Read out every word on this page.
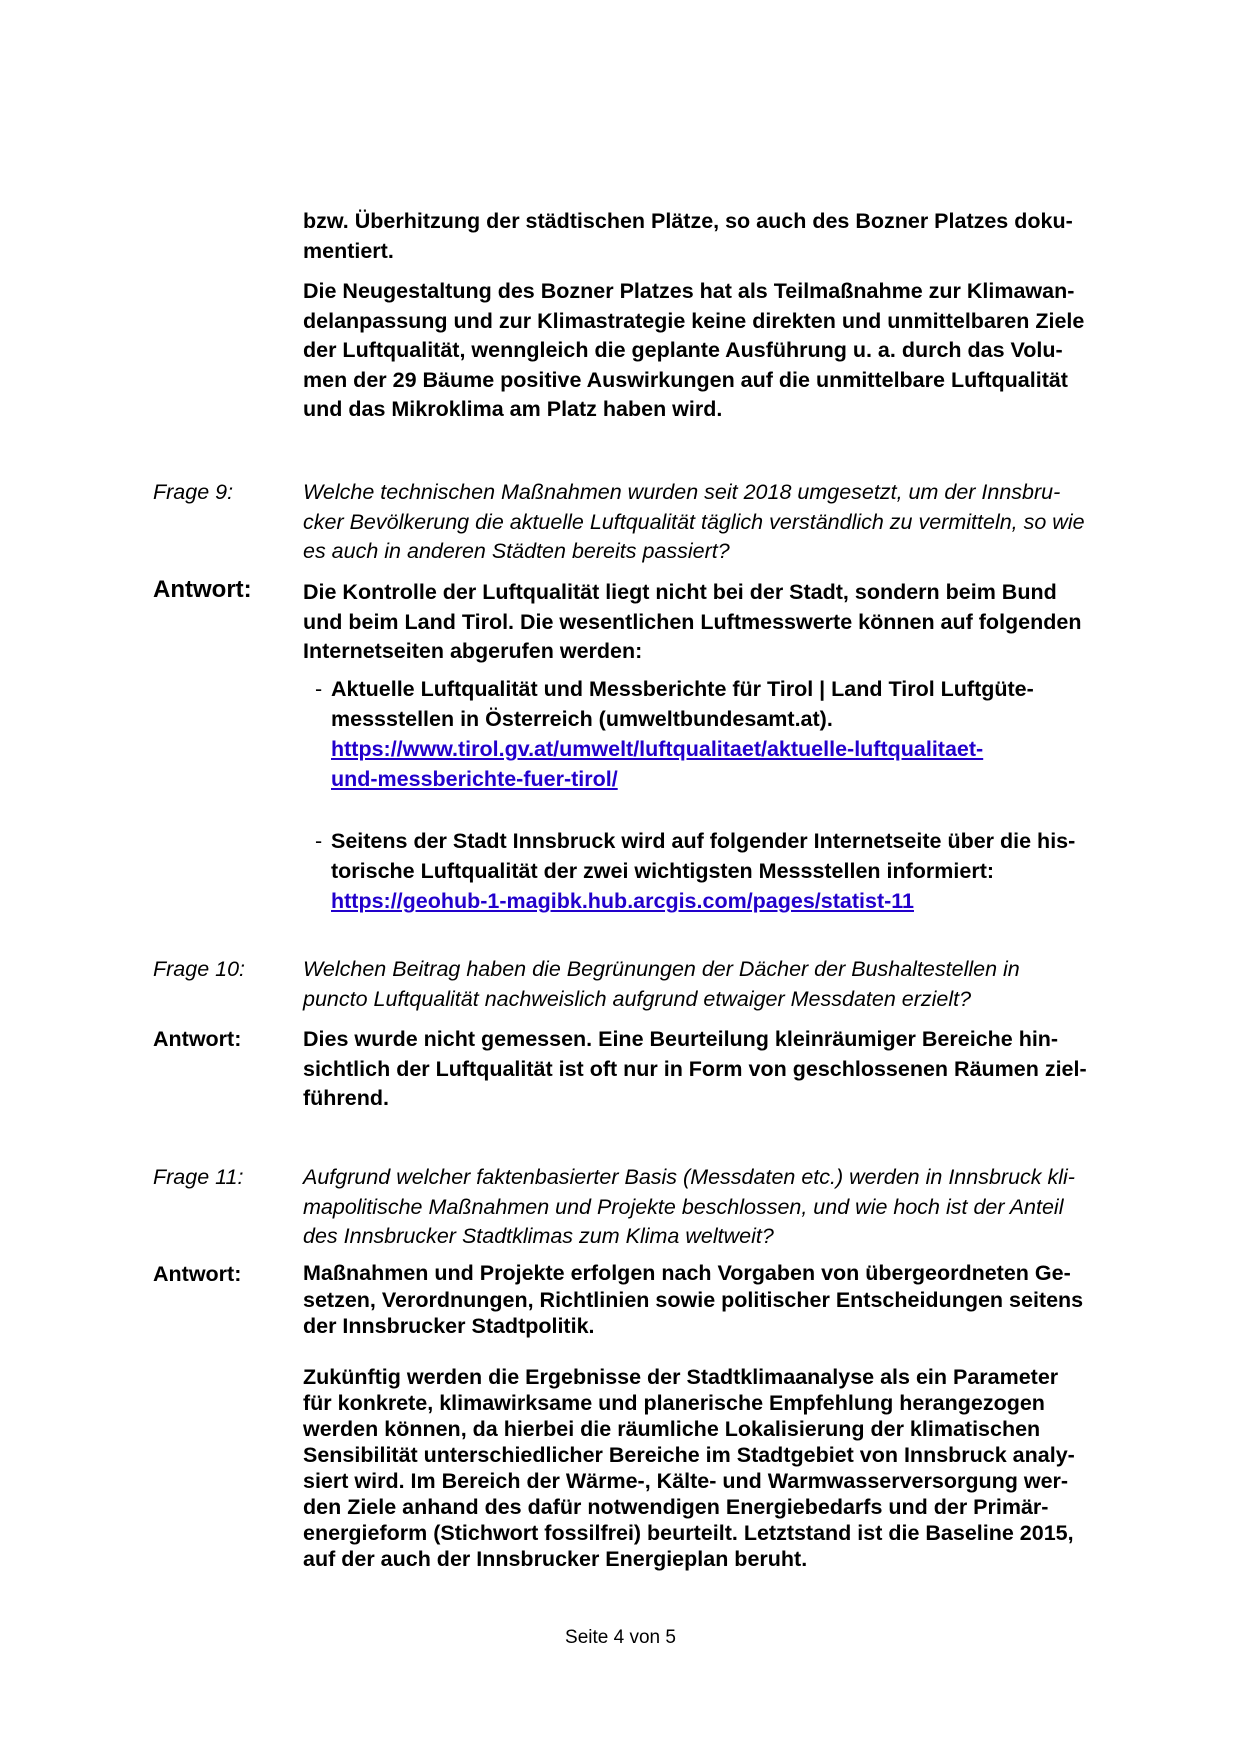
bzw. Überhitzung der städtischen Plätze, so auch des Bozner Platzes doku-
mentiert.
Die Neugestaltung des Bozner Platzes hat als Teilmaßnahme zur Klimawan-
delanpassung und zur Klimastrategie keine direkten und unmittelbaren Ziele
der Luftqualität, wenngleich die geplante Ausführung u. a. durch das Volu-
men der 29 Bäume positive Auswirkungen auf die unmittelbare Luftqualität
und das Mikroklima am Platz haben wird.
Frage 9:	Welche technischen Maßnahmen wurden seit 2018 umgesetzt, um der Innsbru-
cker Bevölkerung die aktuelle Luftqualität täglich verständlich zu vermitteln, so wie
es auch in anderen Städten bereits passiert?
Antwort:	Die Kontrolle der Luftqualität liegt nicht bei der Stadt, sondern beim Bund
und beim Land Tirol. Die wesentlichen Luftmesswerte können auf folgenden
Internetseiten abgerufen werden:
- Aktuelle Luftqualität und Messberichte für Tirol | Land Tirol Luftgüte-
messstellen in Österreich (umweltbundesamt.at).
https://www.tirol.gv.at/umwelt/luftqualitaet/aktuelle-luftqualitaet-
und-messberichte-fuer-tirol/
- Seitens der Stadt Innsbruck wird auf folgender Internetseite über die his-
torische Luftqualität der zwei wichtigsten Messstellen informiert:
https://geohub-1-magibk.hub.arcgis.com/pages/statist-11
Frage 10:	Welchen Beitrag haben die Begrünungen der Dächer der Bushaltestellen in
puncto Luftqualität nachweislich aufgrund etwaiger Messdaten erzielt?
Antwort:	Dies wurde nicht gemessen. Eine Beurteilung kleinräumiger Bereiche hin-
sichtlich der Luftqualität ist oft nur in Form von geschlossenen Räumen ziel-
führend.
Frage 11:	Aufgrund welcher faktenbasierter Basis (Messdaten etc.) werden in Innsbruck kli-
mapolitische Maßnahmen und Projekte beschlossen, und wie hoch ist der Anteil
des Innsbrucker Stadtklimas zum Klima weltweit?
Antwort:	Maßnahmen und Projekte erfolgen nach Vorgaben von übergeordneten Ge-
setzen, Verordnungen, Richtlinien sowie politischer Entscheidungen seitens
der Innsbrucker Stadtpolitik.
Zukünftig werden die Ergebnisse der Stadtklimaanalyse als ein Parameter
für konkrete, klimawirksame und planerische Empfehlung herangezogen
werden können, da hierbei die räumliche Lokalisierung der klimatischen
Sensibilität unterschiedlicher Bereiche im Stadtgebiet von Innsbruck analy-
siert wird. Im Bereich der Wärme-, Kälte- und Warmwasserversorgung wer-
den Ziele anhand des dafür notwendigen Energiebedarfs und der Primär-
energieform (Stichwort fossilfrei) beurteilt. Letztstand ist die Baseline 2015,
auf der auch der Innsbrucker Energieplan beruht.
Seite 4 von 5
